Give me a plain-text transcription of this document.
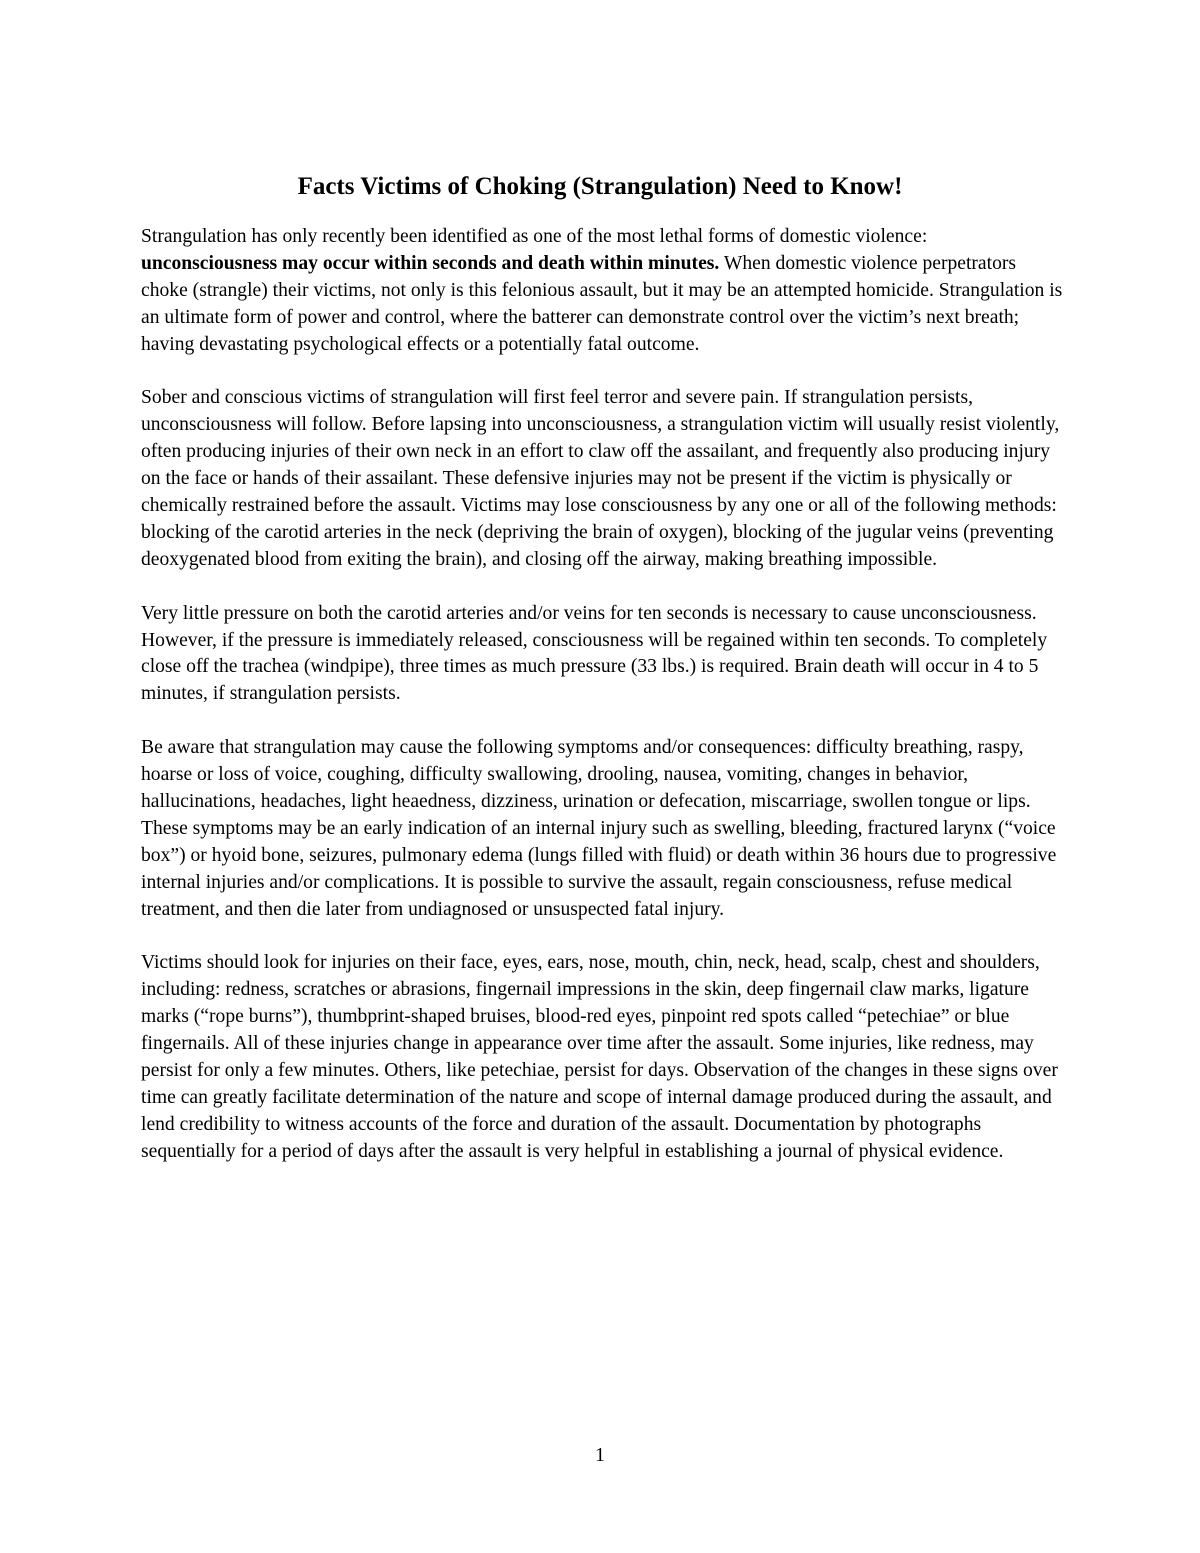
Facts Victims of Choking (Strangulation) Need to Know!

Strangulation has only recently been identified as one of the most lethal forms of domestic violence: unconsciousness may occur within seconds and death within minutes. When domestic violence perpetrators choke (strangle) their victims, not only is this felonious assault, but it may be an attempted homicide. Strangulation is an ultimate form of power and control, where the batterer can demonstrate control over the victim’s next breath; having devastating psychological effects or a potentially fatal outcome.

Sober and conscious victims of strangulation will first feel terror and severe pain. If strangulation persists, unconsciousness will follow. Before lapsing into unconsciousness, a strangulation victim will usually resist violently, often producing injuries of their own neck in an effort to claw off the assailant, and frequently also producing injury on the face or hands of their assailant. These defensive injuries may not be present if the victim is physically or chemically restrained before the assault. Victims may lose consciousness by any one or all of the following methods: blocking of the carotid arteries in the neck (depriving the brain of oxygen), blocking of the jugular veins (preventing deoxygenated blood from exiting the brain), and closing off the airway, making breathing impossible.

Very little pressure on both the carotid arteries and/or veins for ten seconds is necessary to cause unconsciousness. However, if the pressure is immediately released, consciousness will be regained within ten seconds. To completely close off the trachea (windpipe), three times as much pressure (33 lbs.) is required. Brain death will occur in 4 to 5 minutes, if strangulation persists.

Be aware that strangulation may cause the following symptoms and/or consequences: difficulty breathing, raspy, hoarse or loss of voice, coughing, difficulty swallowing, drooling, nausea, vomiting, changes in behavior, hallucinations, headaches, light heaedness, dizziness, urination or defecation, miscarriage, swollen tongue or lips. These symptoms may be an early indication of an internal injury such as swelling, bleeding, fractured larynx (“voice box”) or hyoid bone, seizures, pulmonary edema (lungs filled with fluid) or death within 36 hours due to progressive internal injuries and/or complications. It is possible to survive the assault, regain consciousness, refuse medical treatment, and then die later from undiagnosed or unsuspected fatal injury.

Victims should look for injuries on their face, eyes, ears, nose, mouth, chin, neck, head, scalp, chest and shoulders, including: redness, scratches or abrasions, fingernail impressions in the skin, deep fingernail claw marks, ligature marks (“rope burns”), thumbprint-shaped bruises, blood-red eyes, pinpoint red spots called “petechiae” or blue fingernails. All of these injuries change in appearance over time after the assault. Some injuries, like redness, may persist for only a few minutes. Others, like petechiae, persist for days. Observation of the changes in these signs over time can greatly facilitate determination of the nature and scope of internal damage produced during the assault, and lend credibility to witness accounts of the force and duration of the assault. Documentation by photographs sequentially for a period of days after the assault is very helpful in establishing a journal of physical evidence.

1
